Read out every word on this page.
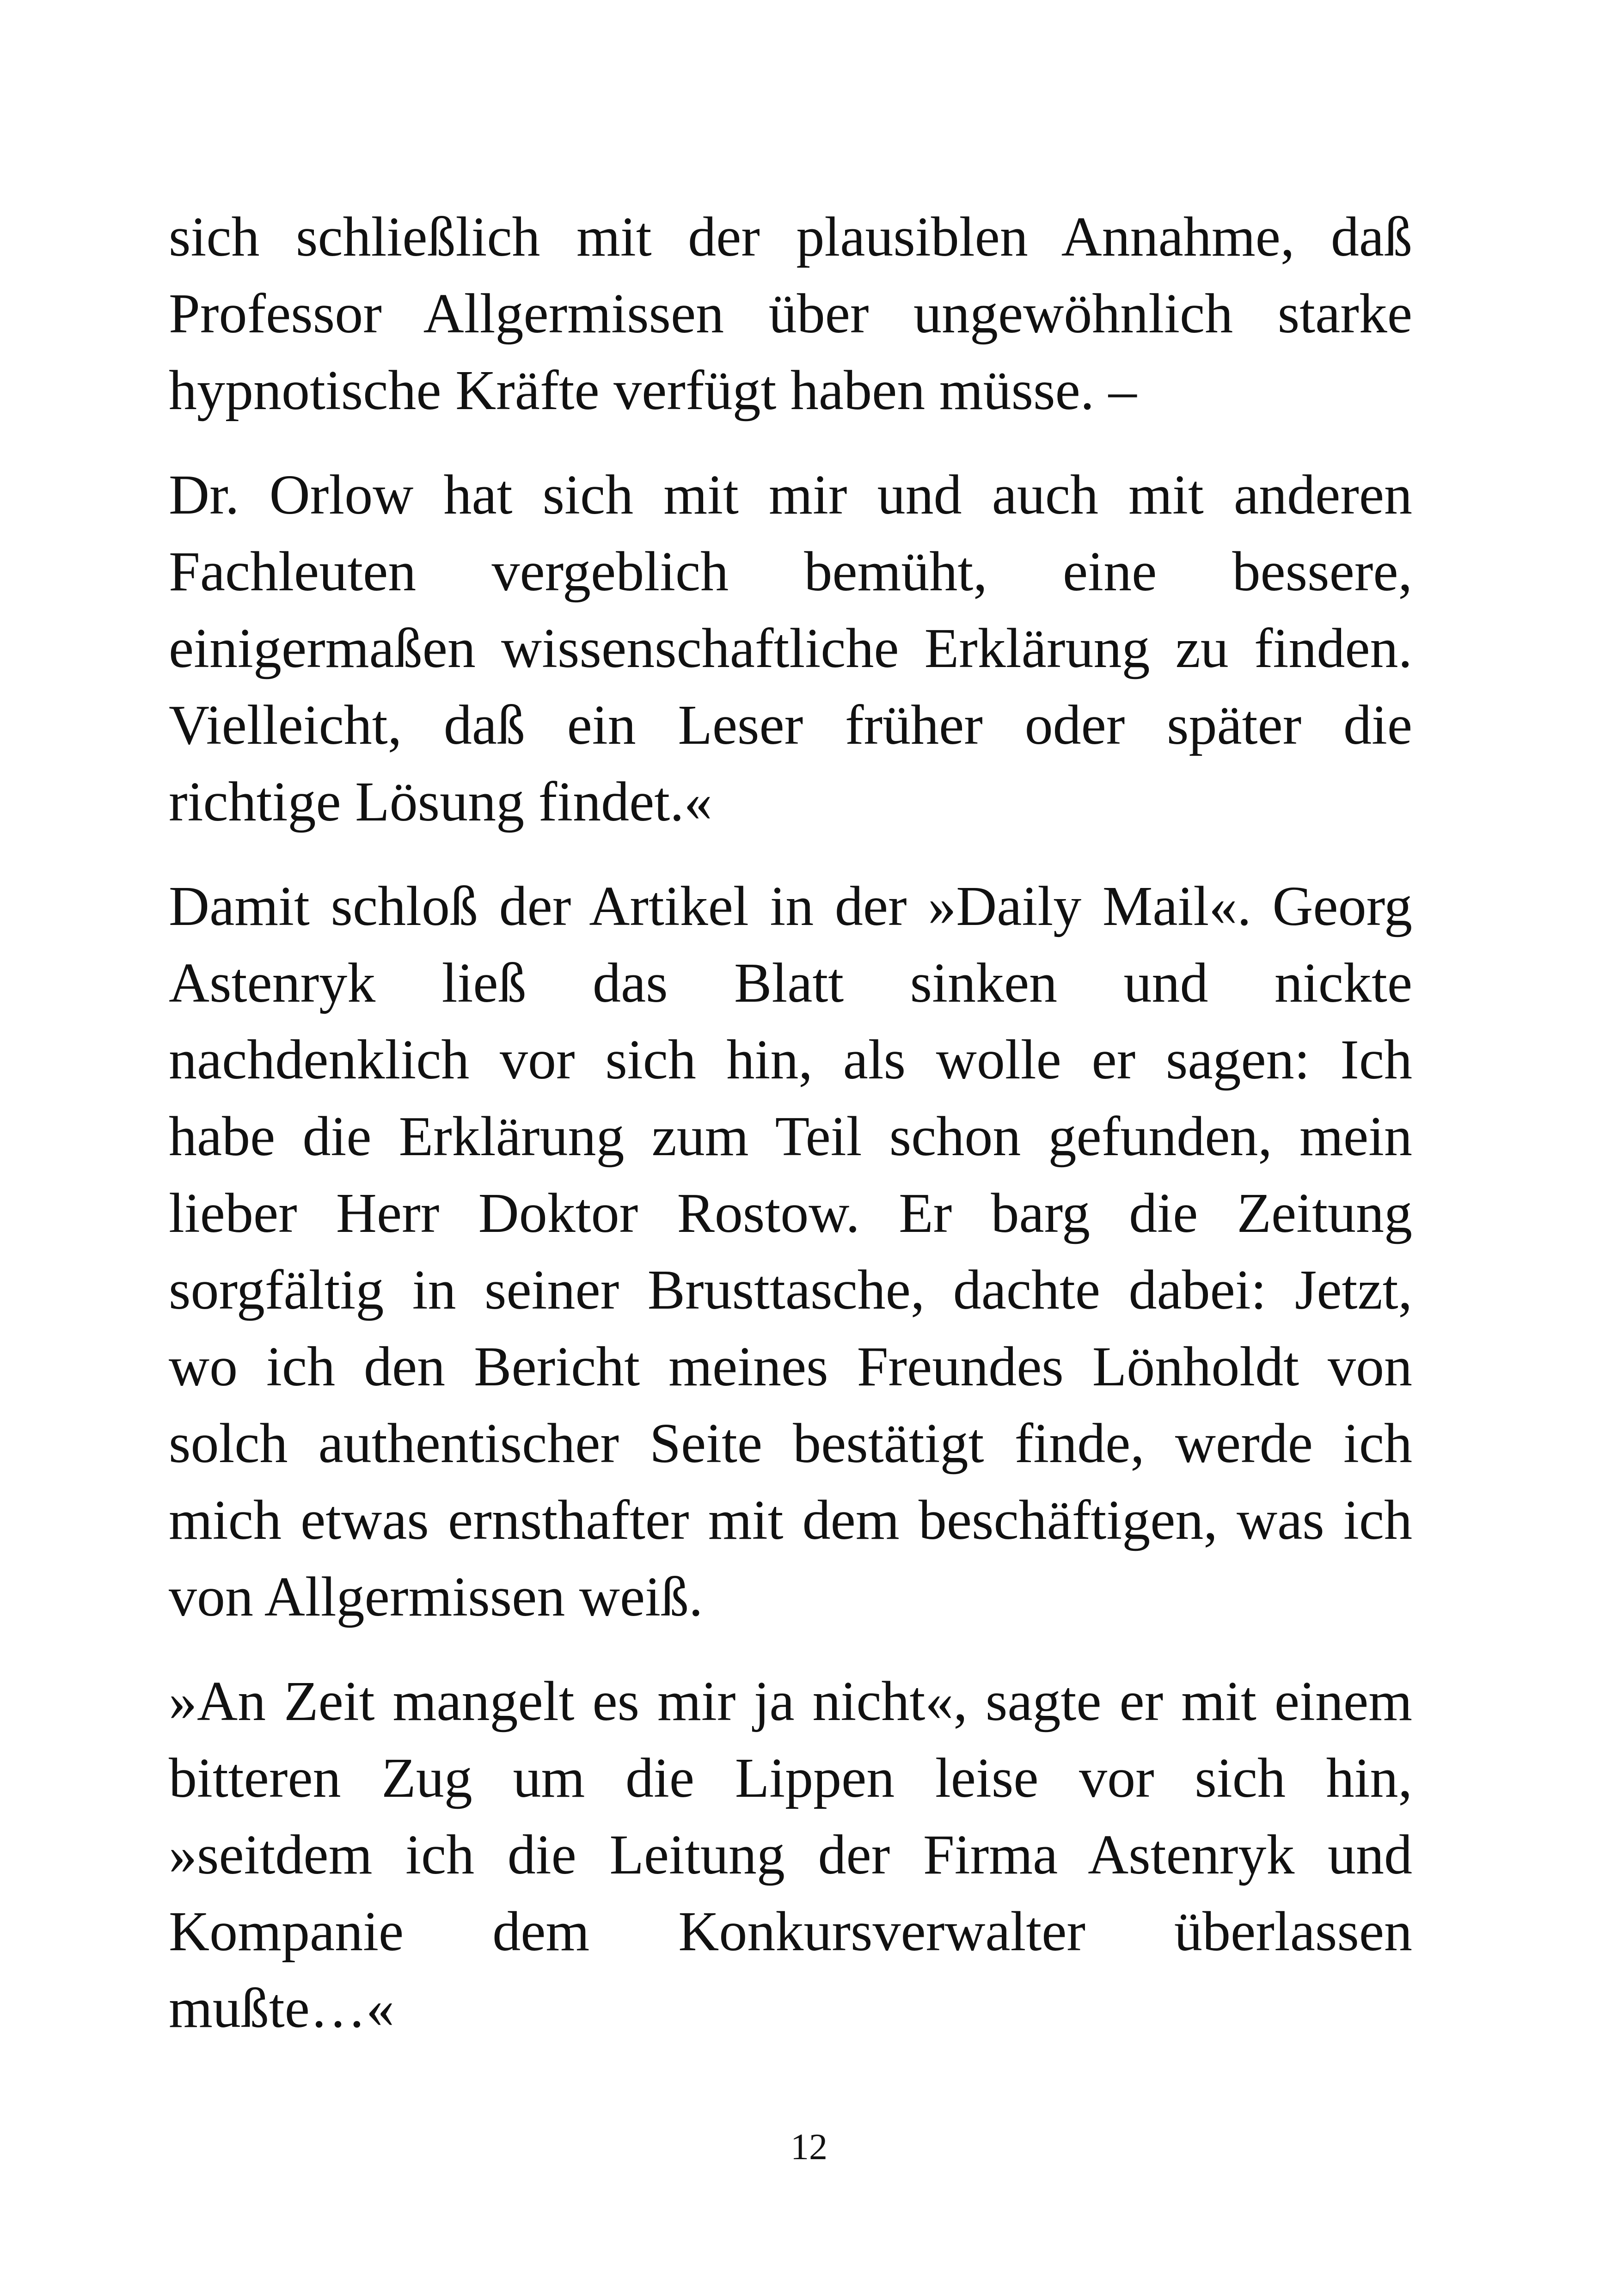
sich schließlich mit der plausiblen Annahme, daß
Professor Allgermissen über ungewöhnlich starke
hypnotische Kräfte verfügt haben müsse. –

Dr. Orlow hat sich mit mir und auch mit anderen
Fachleuten vergeblich bemüht, eine bessere,
einigermaßen wissenschaftliche Erklärung zu finden.
Vielleicht, daß ein Leser früher oder später die
richtige Lösung findet.«

Damit schloß der Artikel in der »Daily Mail«. Georg
Astenryk ließ das Blatt sinken und nickte
nachdenklich vor sich hin, als wolle er sagen: Ich
habe die Erklärung zum Teil schon gefunden, mein
lieber Herr Doktor Rostow. Er barg die Zeitung
sorgfältig in seiner Brusttasche, dachte dabei: Jetzt,
wo ich den Bericht meines Freundes Lönholdt von
solch authentischer Seite bestätigt finde, werde ich
mich etwas ernsthafter mit dem beschäftigen, was ich
von Allgermissen weiß.

»An Zeit mangelt es mir ja nicht«, sagte er mit einem
bitteren Zug um die Lippen leise vor sich hin,
»seitdem ich die Leitung der Firma Astenryk und
Kompanie dem Konkursverwalter überlassen
mußte…«

12
